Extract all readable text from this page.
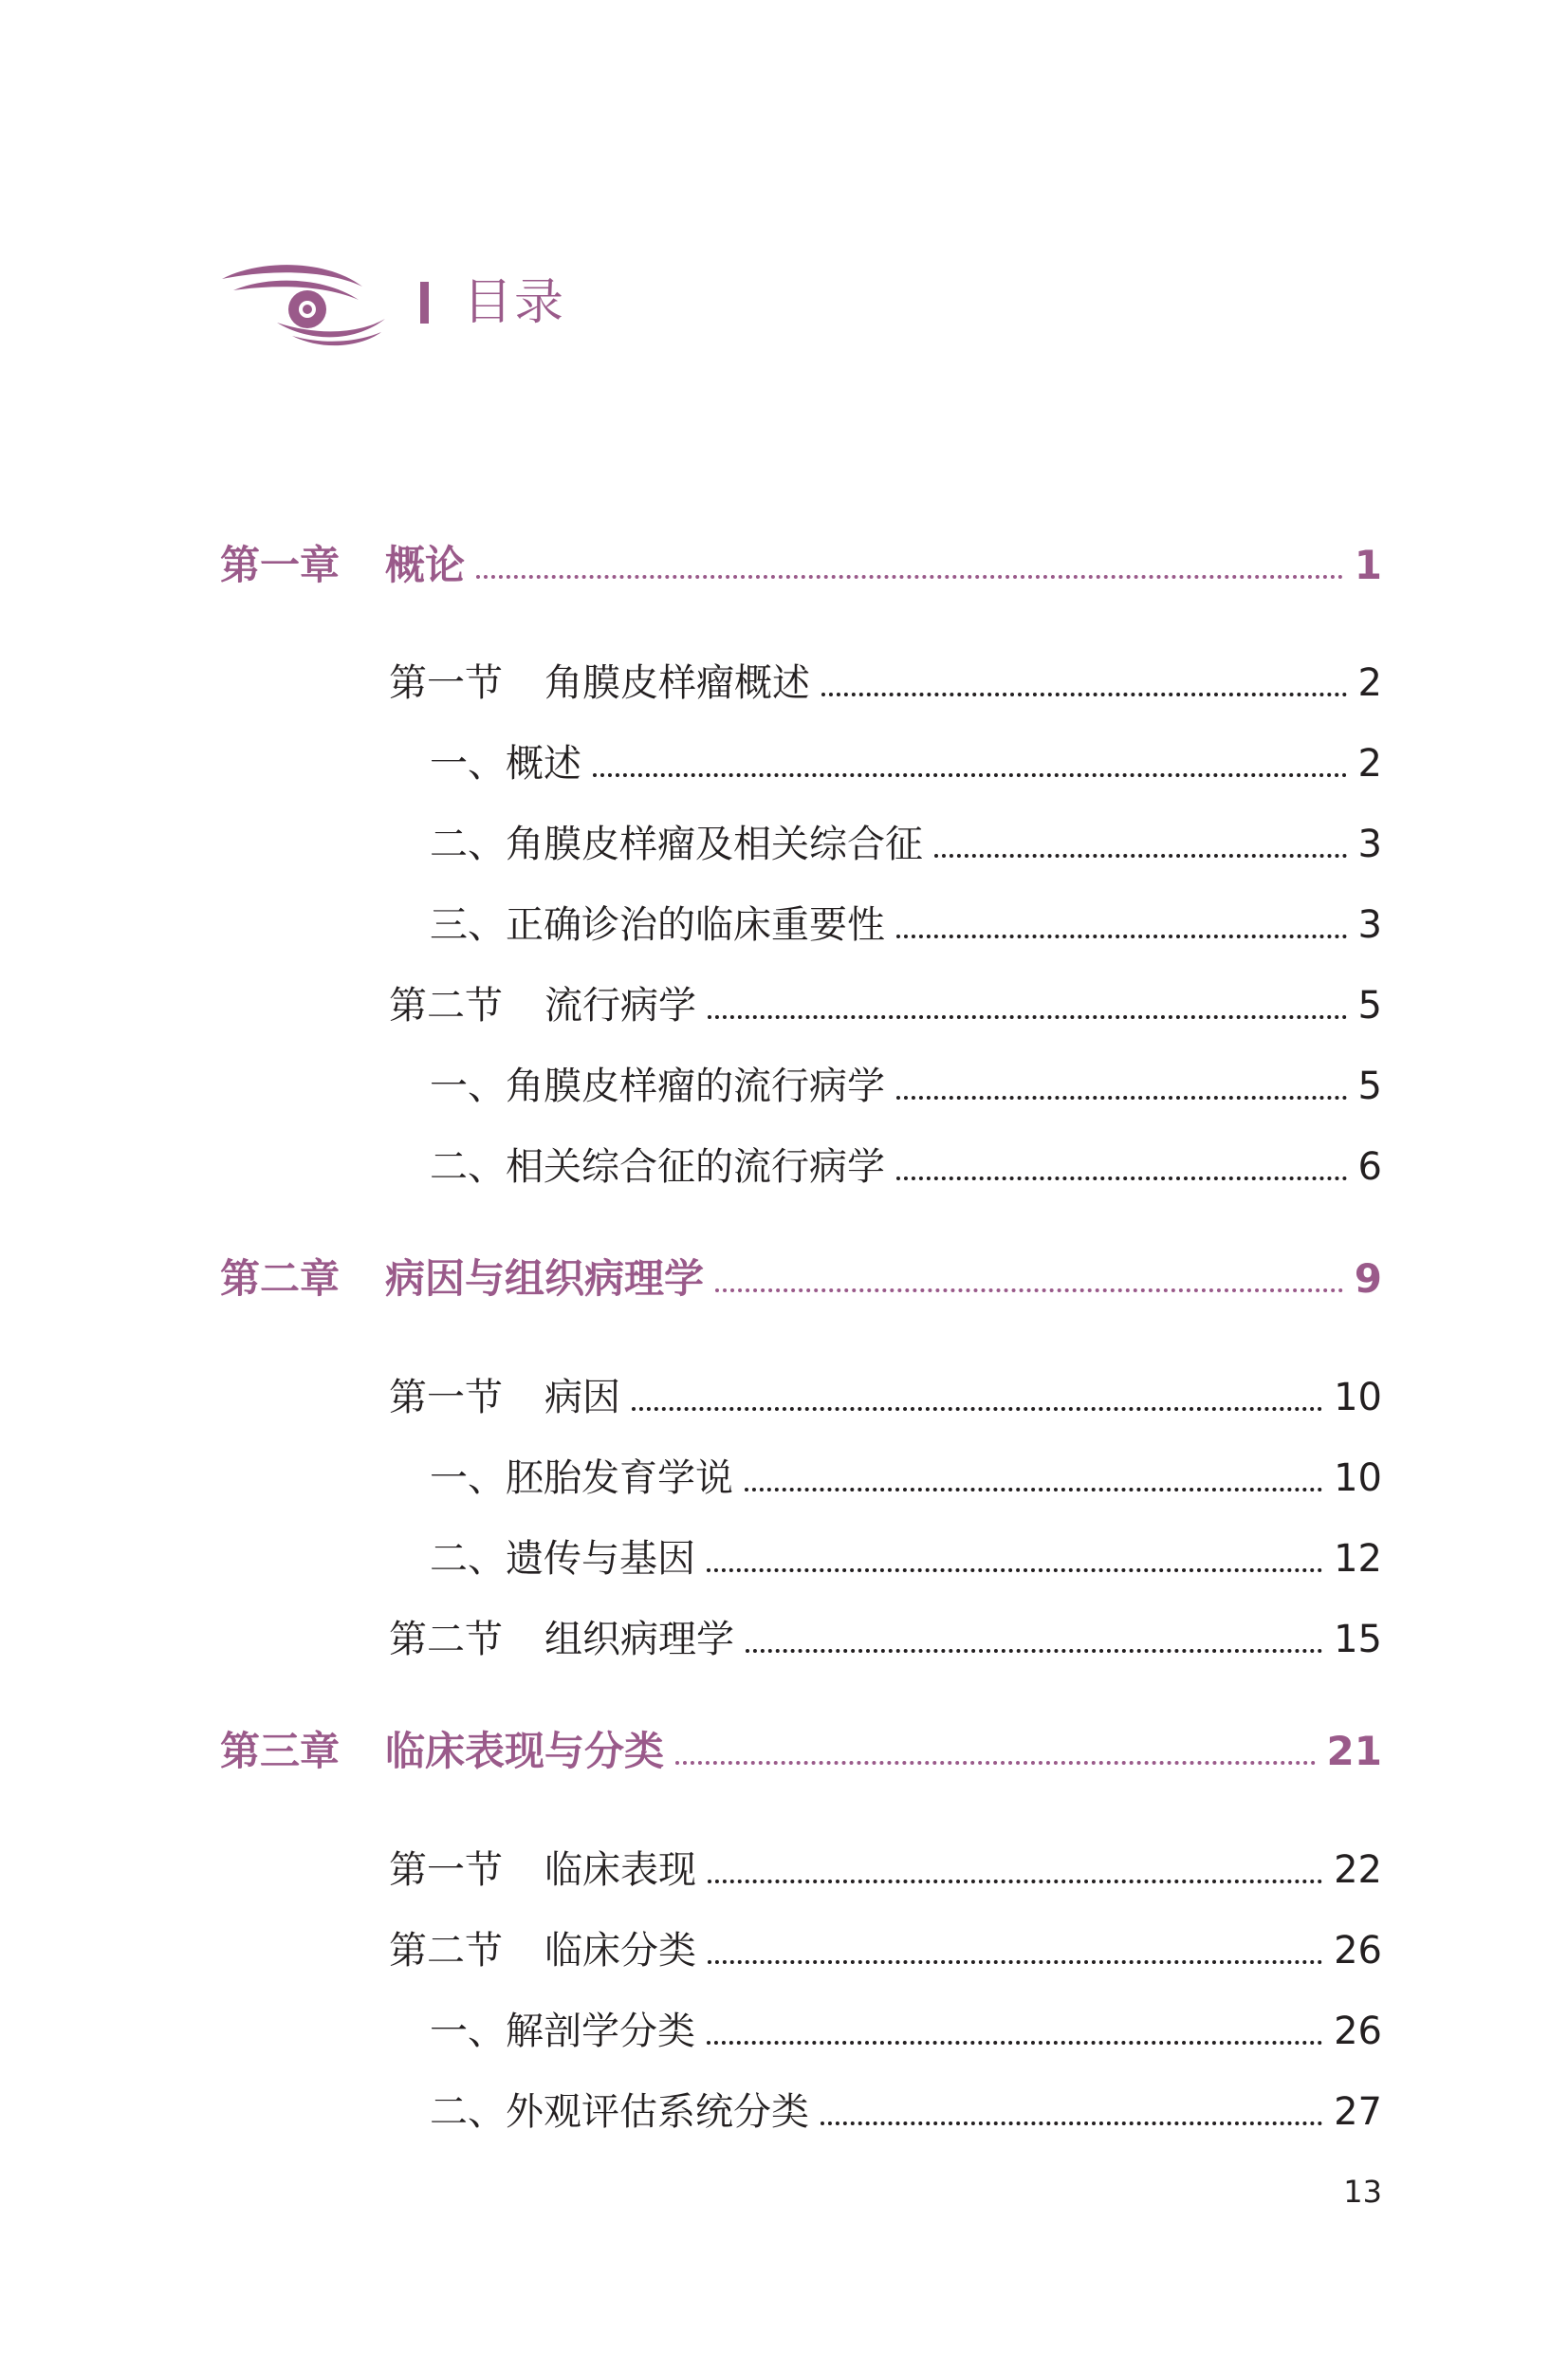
目录
第一章 概论	1
第一节 角膜皮样瘤概述	2
一、概述	2
二、角膜皮样瘤及相关综合征	3
三、正确诊治的临床重要性	3
第二节 流行病学	5
一、角膜皮样瘤的流行病学	5
二、相关综合征的流行病学	6
第二章 病因与组织病理学	9
第一节 病因	10
一、胚胎发育学说	10
二、遗传与基因	12
第二节 组织病理学	15
第三章 临床表现与分类	21
第一节 临床表现	22
第二节 临床分类	26
一、解剖学分类	26
二、外观评估系统分类	27
13
